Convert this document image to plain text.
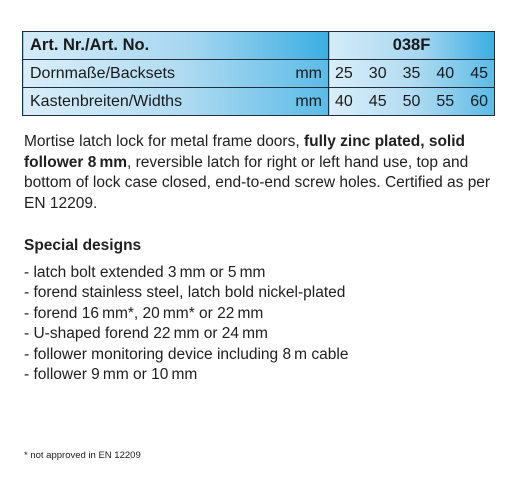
Art. Nr./Art. No.	038F

Dornmaße/Backsets mm	25 30 35 40 45

Kastenbreiten/Widths mm	40 45 50 55 60

Mortise latch lock for metal frame doors, fully zinc plated, solid follower 8 mm, reversible latch for right or left hand use, top and bottom of lock case closed, end-to-end screw holes. Certified as per EN 12209.

Special designs
- latch bolt extended 3 mm or 5 mm
- forend stainless steel, latch bold nickel-plated
- forend 16 mm*, 20 mm* or 22 mm
- U-shaped forend 22 mm or 24 mm
- follower monitoring device including 8 m cable
- follower 9 mm or 10 mm

* not approved in EN 12209
